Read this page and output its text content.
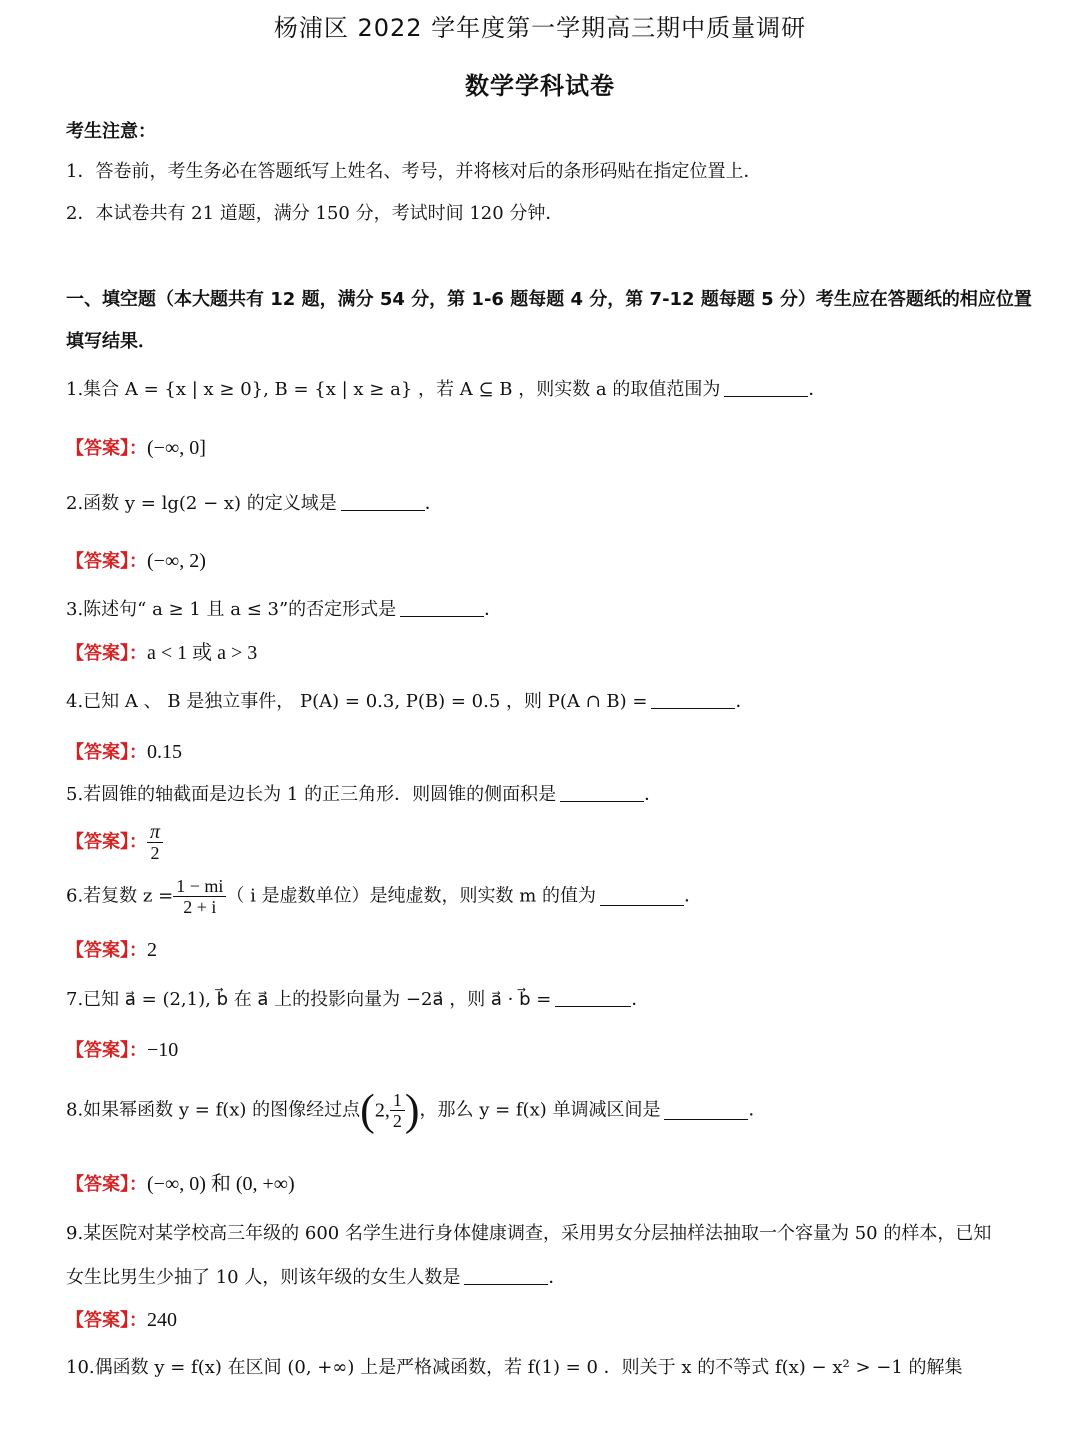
杨浦区 2022 学年度第一学期高三期中质量调研
数学学科试卷
考生注意：
1．答卷前，考生务必在答题纸写上姓名、考号，并将核对后的条形码贴在指定位置上．
2．本试卷共有 21 道题，满分 150 分，考试时间 120 分钟．
一、填空题（本大题共有 12 题，满分 54 分，第 1-6 题每题 4 分，第 7-12 题每题 5 分）考生应在答题纸的相应位置
填写结果．
1.集合 A = {x | x ≥ 0}, B = {x | x ≥ a} ，若 A ⊆ B ，则实数 a 的取值范围为	．
【答案】：(−∞, 0]
2.函数 y = lg(2 − x) 的定义域是	．
【答案】：(−∞, 2)
3.陈述句“ a ≥ 1 且 a ≤ 3”的否定形式是	．
【答案】：a < 1 或 a > 3
4.已知 A 、 B 是独立事件， P(A) = 0.3, P(B) = 0.5 ，则 P(A ∩ B) =	．
【答案】：0.15
5.若圆锥的轴截面是边长为 1 的正三角形．则圆锥的侧面积是	．
【答案】： $\frac{\pi}{2}$
6.若复数 $z = \frac{1 - mi}{2 + i}$ （ i 是虚数单位）是纯虚数，则实数 m 的值为	．
【答案】：2
7.已知 a⃗ = (2,1), b⃗ 在 a⃗ 上的投影向量为 −2a⃗ ，则 a⃗ · b⃗ =	．
【答案】：−10
8.如果幂函数 y = f(x) 的图像经过点(2, $\frac{1}{2}$ )，那么 y = f(x) 单调减区间是	．
【答案】：(−∞, 0) 和 (0, +∞)
9.某医院对某学校高三年级的 600 名学生进行身体健康调查，采用男女分层抽样法抽取一个容量为 50 的样本，已知
女生比男生少抽了 10 人，则该年级的女生人数是	．
【答案】：240
10.偶函数 y = f(x) 在区间 (0, +∞) 上是严格减函数，若 f(1) = 0 ．则关于 x 的不等式 f(x) − x² > −1 的解集
